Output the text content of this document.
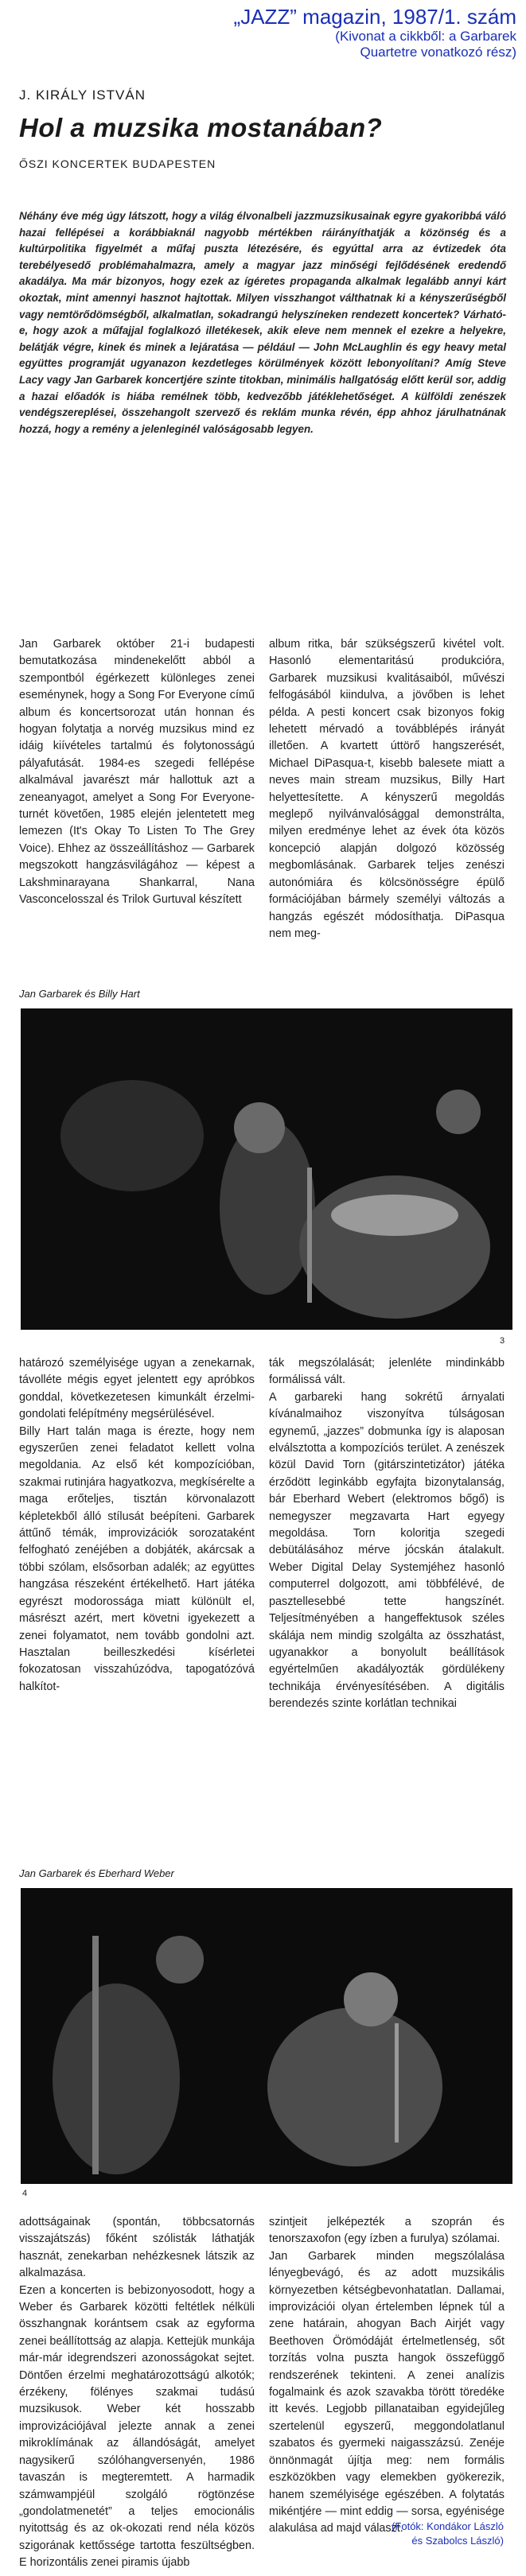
„JAZZ” magazin, 1987/1. szám
(Kivonat a cikkből: a Garbarek
Quartetre vonatkozó rész)
J. KIRÁLY ISTVÁN
Hol a muzsika mostanában?
ŐSZI KONCERTEK BUDAPESTEN
Néhány éve még úgy látszott, hogy a világ élvonalbeli jazzmuzsikusainak egyre gyakoribbá váló hazai fellépései a korábbiaknál nagyobb mértékben ráirányíthatják a közönség és a kultúrpolitika figyelmét a műfaj puszta létezésére, és egyúttal arra az évtizedek óta terebélyesedő problémahalmazra, amely a magyar jazz minőségi fejlődésének eredendő akadálya. Ma már bizonyos, hogy ezek az ígéretes propaganda alkalmak legalább annyi kárt okoztak, mint amennyi hasznot hajtottak. Milyen visszhangot válthatnak ki a kényszerűségből vagy nemtörődömségből, alkalmatlan, sokadrangú helyszíneken rendezett koncertek? Várható-e, hogy azok a műfajjal foglalkozó illetékesek, akik eleve nem mennek el ezekre a helyekre, belátják végre, kinek és minek a lejáratása — például — John McLaughlin és egy heavy metal együttes programját ugyanazon kezdetleges körülmények között lebonyolítani? Amíg Steve Lacy vagy Jan Garbarek koncertjére szinte titokban, minimális hallgatóság előtt kerül sor, addig a hazai előadók is hiába remélnek több, kedvezőbb játéklehetőséget. A külföldi zenészek vendégszereplései, összehangolt szervező és reklám munka révén, épp ahhoz járulhatnának hozzá, hogy a remény a jelenleginél valóságosabb legyen.

Jan Garbarek október 21-i budapesti bemutatkozása mindenekelőtt abból a szempontból égérkezett különleges zenei eseménynek, hogy a Song For Everyone című album és koncertsorozat után honnan és hogyan folytatja a norvég muzsikus mind ez idáig kiívételes tartalmú és folytonosságú pályafutását. 1984-es szegedi fellépése alkalmával javarészt már hallottuk azt a zeneanyagot, amelyet a Song For Everyone-turnét követően, 1985 elején jelentetett meg lemezen (It's Okay To Listen To The Grey Voice). Ehhez az összeállításhoz — Garbarek megszokott hangzásvilágához — képest a Lakshminarayana Shankarral, Nana Vasconcelosszal és Trilok Gurtuval készített

album ritka, bár szükségszerű kivétel volt. Hasonló elementaritású produkcióra, Garbarek muzsikusi kvalitásaiból, művészi felfogásából kiindulva, a jövőben is lehet példa. A pesti koncert csak bizonyos fokig lehetett mérvadó a továbblépés irányát illetően. A kvartett úttörő hangszerését, Michael DiPasqua-t, kisebb balesete miatt a neves main stream muzsikus, Billy Hart helyettesítette. A kényszerű megoldás meglepő nyilvánvalósággal demonstrálta, milyen eredménye lehet az évek óta közös koncepció alapján dolgozó közösség megbomlásának. Garbarek teljes zenészi autonómiára és kölcsönösségre épülő formációjában bármely személyi változás a hangzás egészét módosíthatja. DiPasqua nem meg-

Jan Garbarek és Billy Hart
3

határozó személyisége ugyan a zenekarnak, távolléte mégis egyet jelentett egy apróbkos gonddal, következetesen kimunkált érzelmi-gondolati felépítmény megsérülésével.

Billy Hart talán maga is érezte, hogy nem egyszerűen zenei feladatot kellett volna megoldania. Az első két kompozícióban, szakmai rutinjára hagyatkozva, megkísérelte a maga erőteljes, tisztán körvonalazott képletekből álló stílusát beépíteni. Garbarek áttűnő témák, improvizációk sorozataként felfogható zenéjében a dobjáték, akárcsak a többi szólam, elsősorban adalék; az együttes hangzása részeként értékelhető. Hart játéka egyrészt modorossága miatt különült el, másrészt azért, mert követni igyekezett a zenei folyamatot, nem tovább gondolni azt. Hasztalan beilleszkedési kísérletei fokozatosan visszahúzódva, tapogatózóvá halkítot-

ták megszólalását; jelenléte mindinkább formálissá vált.

A garbareki hang sokrétű árnyalati kívánalmaihoz viszonyítva túlságosan egynemű, „jazzes” dobmunka így is alaposan elválsztotta a kompozíciós terület. A zenészek közül David Torn (gitárszintetizátor) játéka érződött leginkább egyfajta bizonytalanság, bár Eberhard Webert (elektromos bőgő) is nemegyszer megzavarta Hart egyegy megoldása. Torn koloritja szegedi debütálásához mérve jócskán átalakult. Weber Digital Delay Systemjéhez hasonló computerrel dolgozott, ami többfélévé, de pasztellesebbé tette hangszínét. Teljesítményében a hangeffektusok széles skálája nem mindig szolgálta az összhatást, ugyanakkor a bonyolult beállítások egyértelműen akadályozták gördülékeny technikája érvényesítésében. A digitális berendezés szinte korlátlan technikai

Jan Garbarek és Eberhard Weber
4

adottságainak (spontán, többcsatornás visszajátszás) főként szólisták láthatják hasznát, zenekarban nehézkesnek látszik az alkalmazása.

Ezen a koncerten is bebizonyosodott, hogy a Weber és Garbarek közötti feltétlek nélküli összhangnak korántsem csak az egyforma zenei beállítottság az alapja. Kettejük munkája már-már idegrendszeri azonosságokat sejtet. Döntően érzelmi meghatározottságú alkotók; érzékeny, fölényes szakmai tudású muzsikusok. Weber két hosszabb improvizációjával jelezte annak a zenei mikroklímának az állandóságát, amelyet nagysikerű szólóhangversenyén, 1986 tavaszán is megteremtett. A harmadik számwampjéül szolgáló rögtönzése „gondolatmenetét” a teljes emocionális nyitottság és az ok-okozati rend néla közös szigorának kettőssége tartotta feszültségben. E horizontális zenei piramis újabb

szintjeit jelképezték a szoprán és tenorszaxofon (egy ízben a furulya) szólamai.

Jan Garbarek minden megszólalása lényegbevágó, és az adott muzsikális környezetben kétségbevonhatatlan. Dallamai, improvizációi olyan értelemben lépnek túl a zene határain, ahogyan Bach Airjét vagy Beethoven Örömódáját értelmetlenség, sőt torzítás volna puszta hangok összefüggő rendszerének tekinteni. A zenei analízis fogalmaink és azok szavakba törött töredéke itt kevés. Legjobb pillanataiban egyidejűleg szertelenül egyszerű, meggondolatlanul szabatos és gyermeki naigasszázsú. Zenéje önnönmagát újítja meg: nem formális eszközökben vagy elemekben gyökerezik, hanem személyisége egészében. A folytatás mikéntjére — mint eddig — sorsa, egyénisége alakulása ad majd választ.

(Fotók: Kondákor László
és Szabolcs László)
